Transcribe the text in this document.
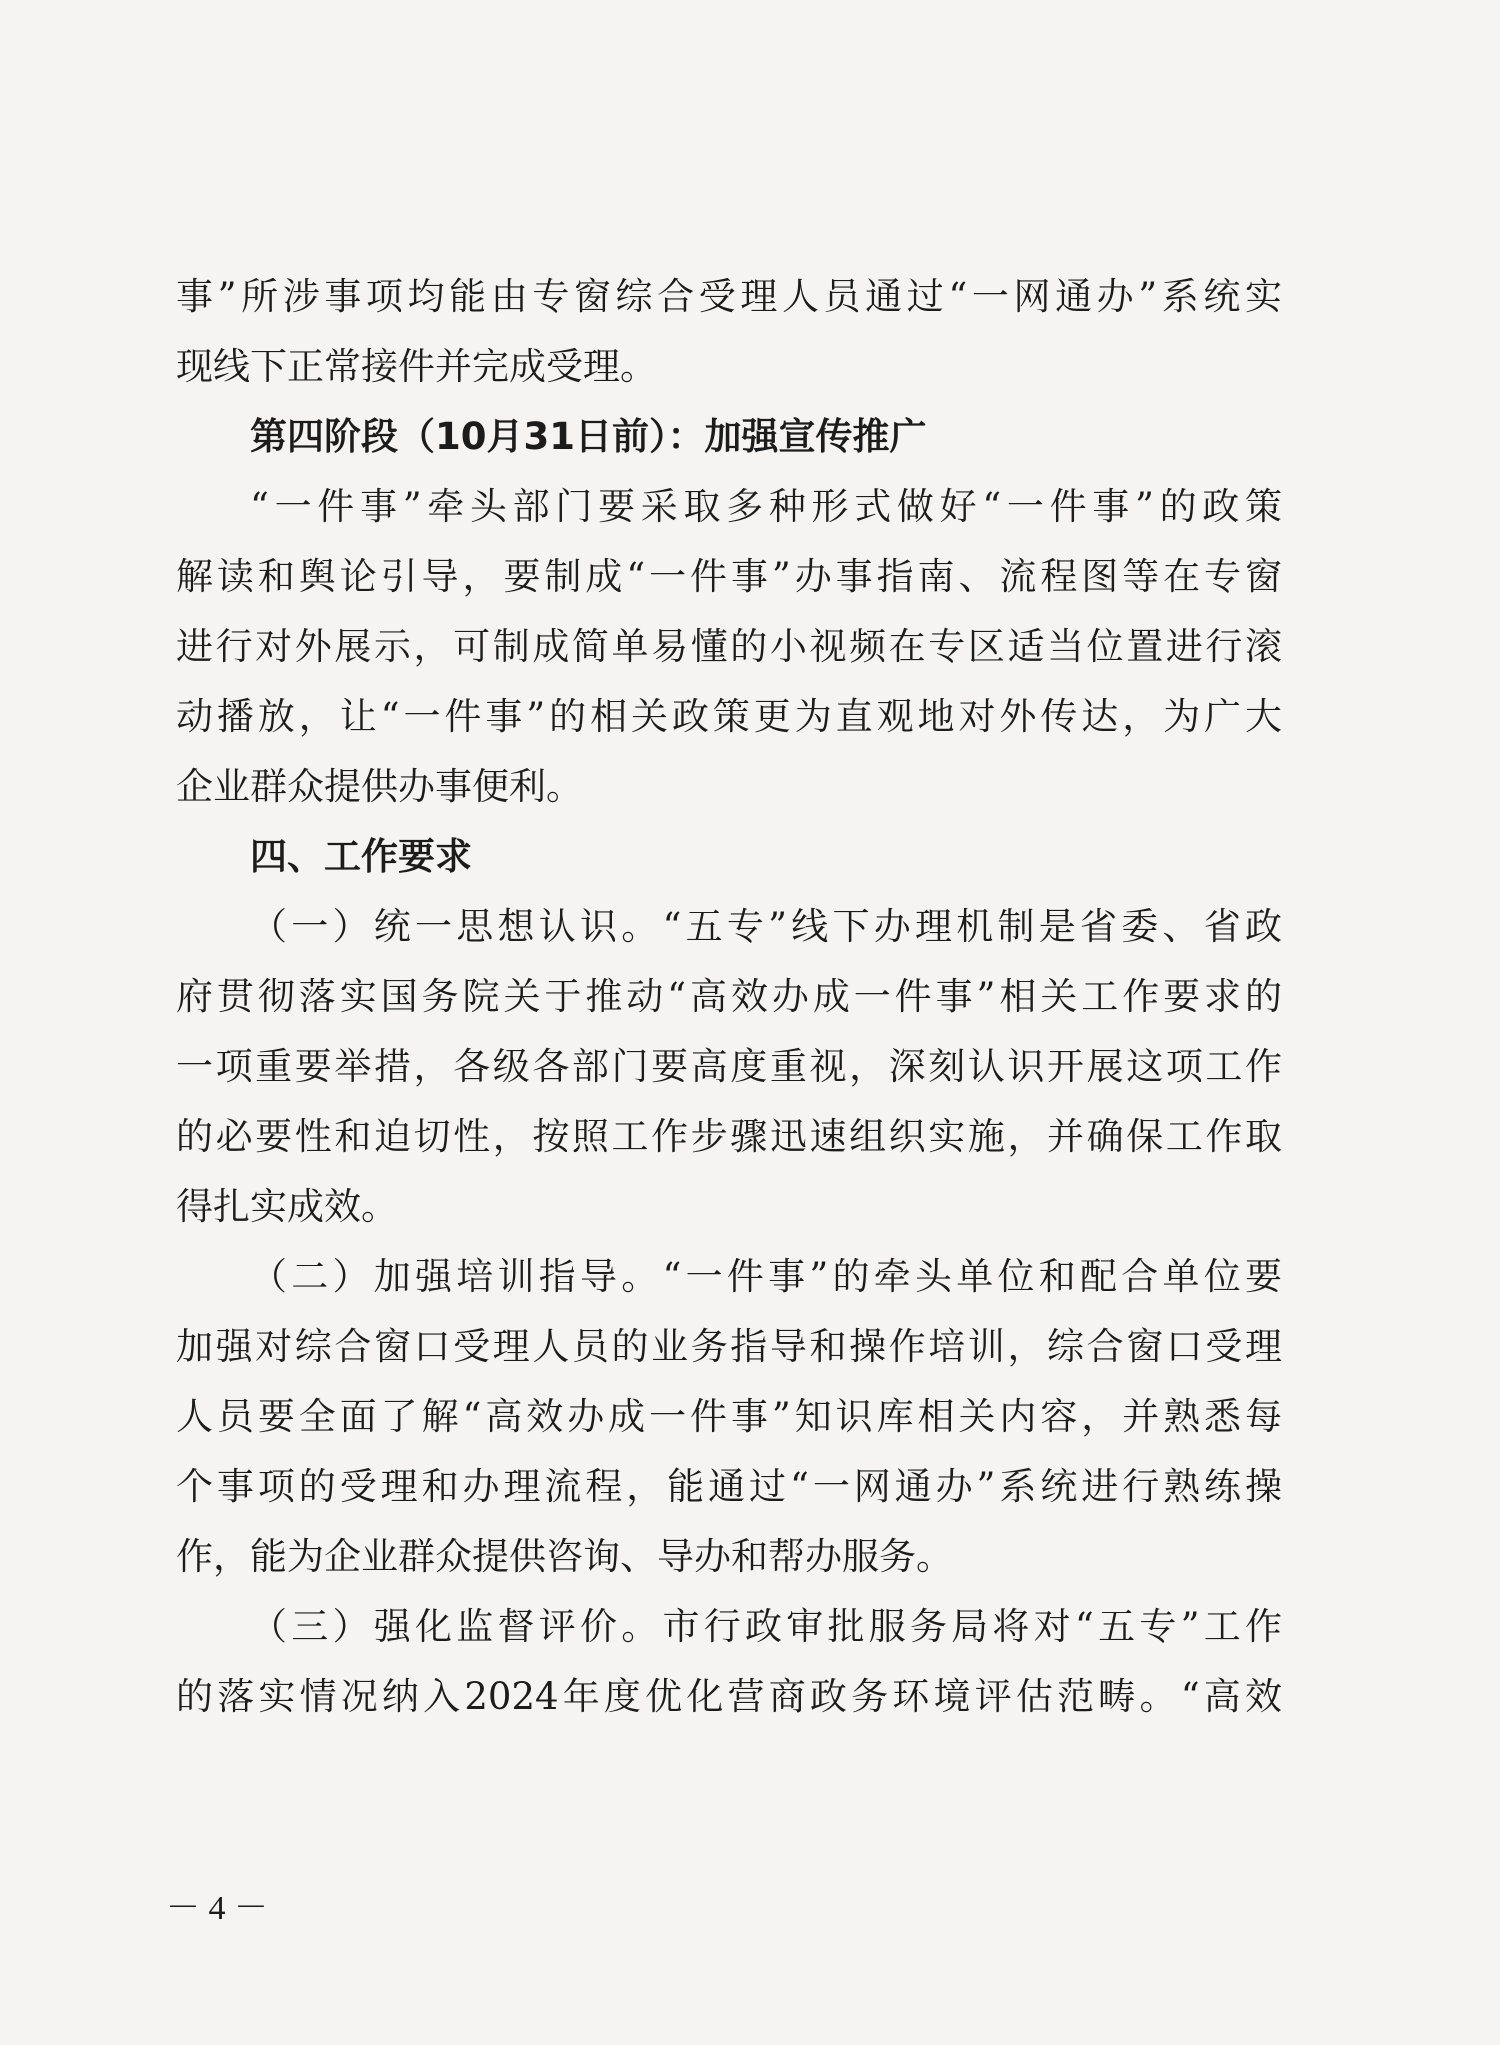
事”所涉事项均能由专窗综合受理人员通过“一网通办”系统实
现线下正常接件并完成受理。
第四阶段（10月31日前）：加强宣传推广
“一件事”牵头部门要采取多种形式做好“一件事”的政策
解读和舆论引导，要制成“一件事”办事指南、流程图等在专窗
进行对外展示，可制成简单易懂的小视频在专区适当位置进行滚
动播放，让“一件事”的相关政策更为直观地对外传达，为广大
企业群众提供办事便利。
四、工作要求
（一）统一思想认识。“五专”线下办理机制是省委、省政
府贯彻落实国务院关于推动“高效办成一件事”相关工作要求的
一项重要举措，各级各部门要高度重视，深刻认识开展这项工作
的必要性和迫切性，按照工作步骤迅速组织实施，并确保工作取
得扎实成效。
（二）加强培训指导。“一件事”的牵头单位和配合单位要
加强对综合窗口受理人员的业务指导和操作培训，综合窗口受理
人员要全面了解“高效办成一件事”知识库相关内容，并熟悉每
个事项的受理和办理流程，能通过“一网通办”系统进行熟练操
作，能为企业群众提供咨询、导办和帮办服务。
（三）强化监督评价。市行政审批服务局将对“五专”工作
的落实情况纳入2024年度优化营商政务环境评估范畴。“高效
－ 4 －
